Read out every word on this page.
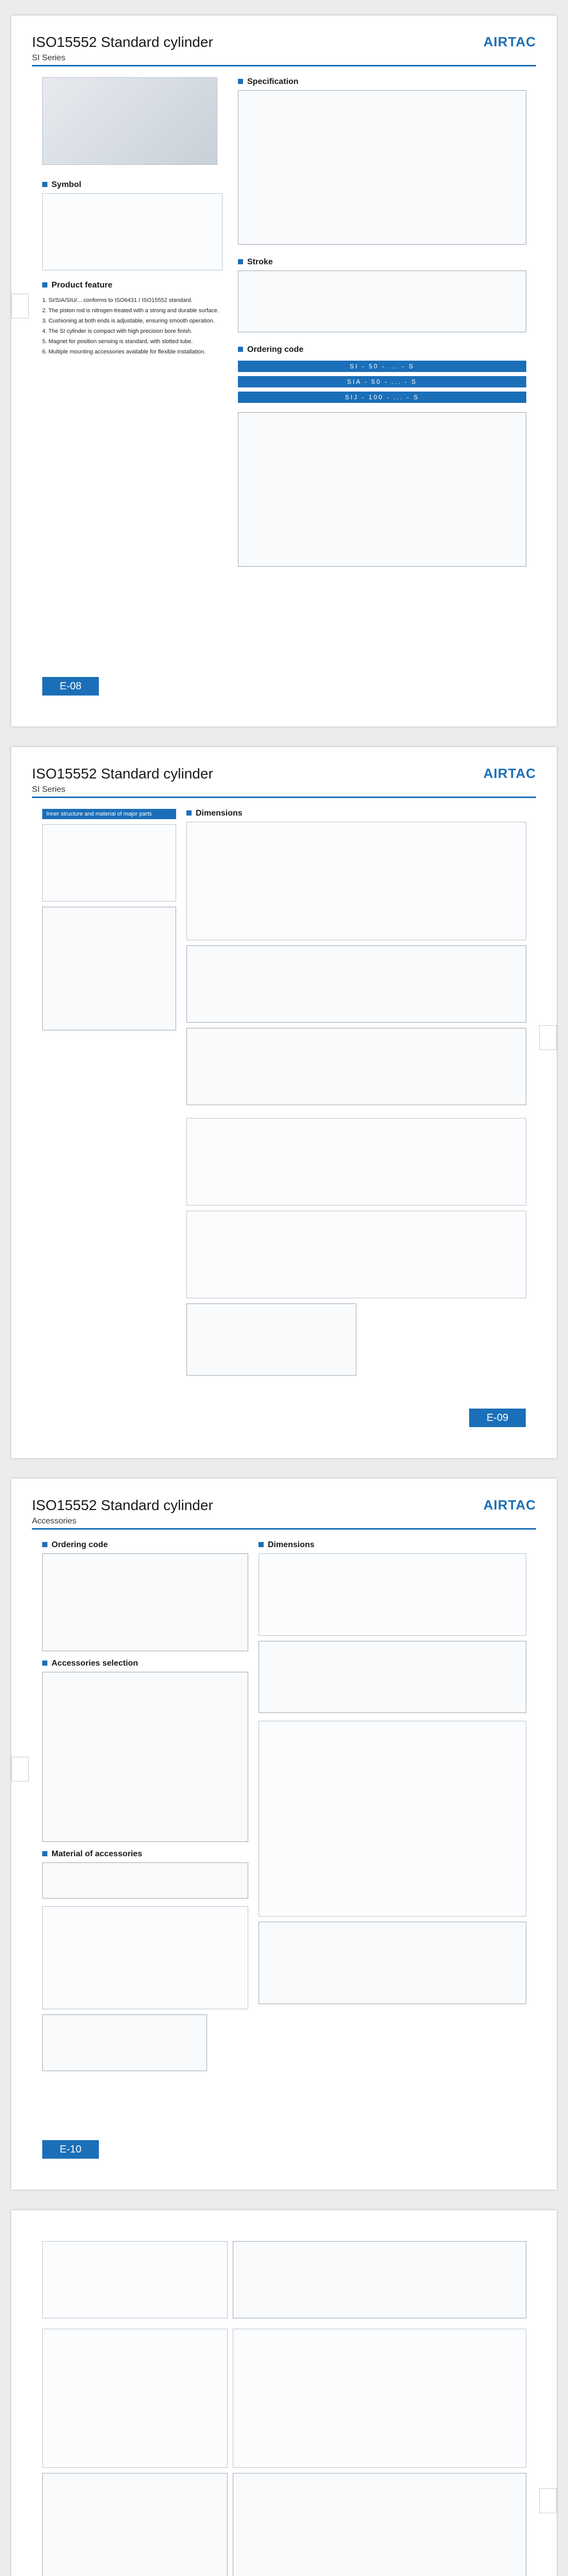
ISO15552 Standard cylinder
SI Series
AIRTAC
Symbol
Product feature
1. SI/SIA/SIU/... conforms to ISO6431 / ISO15552 standard.
2. The piston rod is nitrogen-treated with a strong and durable surface.
3. Cushioning at both ends is adjustable, ensuring smooth operation.
4. The SI cylinder is compact with high precision bore finish.
5. Magnet for position sensing is standard, with slotted tube.
6. Multiple mounting accessories available for flexible installation.
Specification
Stroke
Ordering code
SI - 50 - ... - S
SIA - 50 - ... - S
SIJ - 100 - ... - S
E-08
ISO15552 Standard cylinder
SI Series
AIRTAC
Inner structure and material of major parts	Dimensions
E-09
ISO15552 Standard cylinder
Accessories
AIRTAC
Ordering code
Accessories selection
Material of accessories
Dimensions
E-10
